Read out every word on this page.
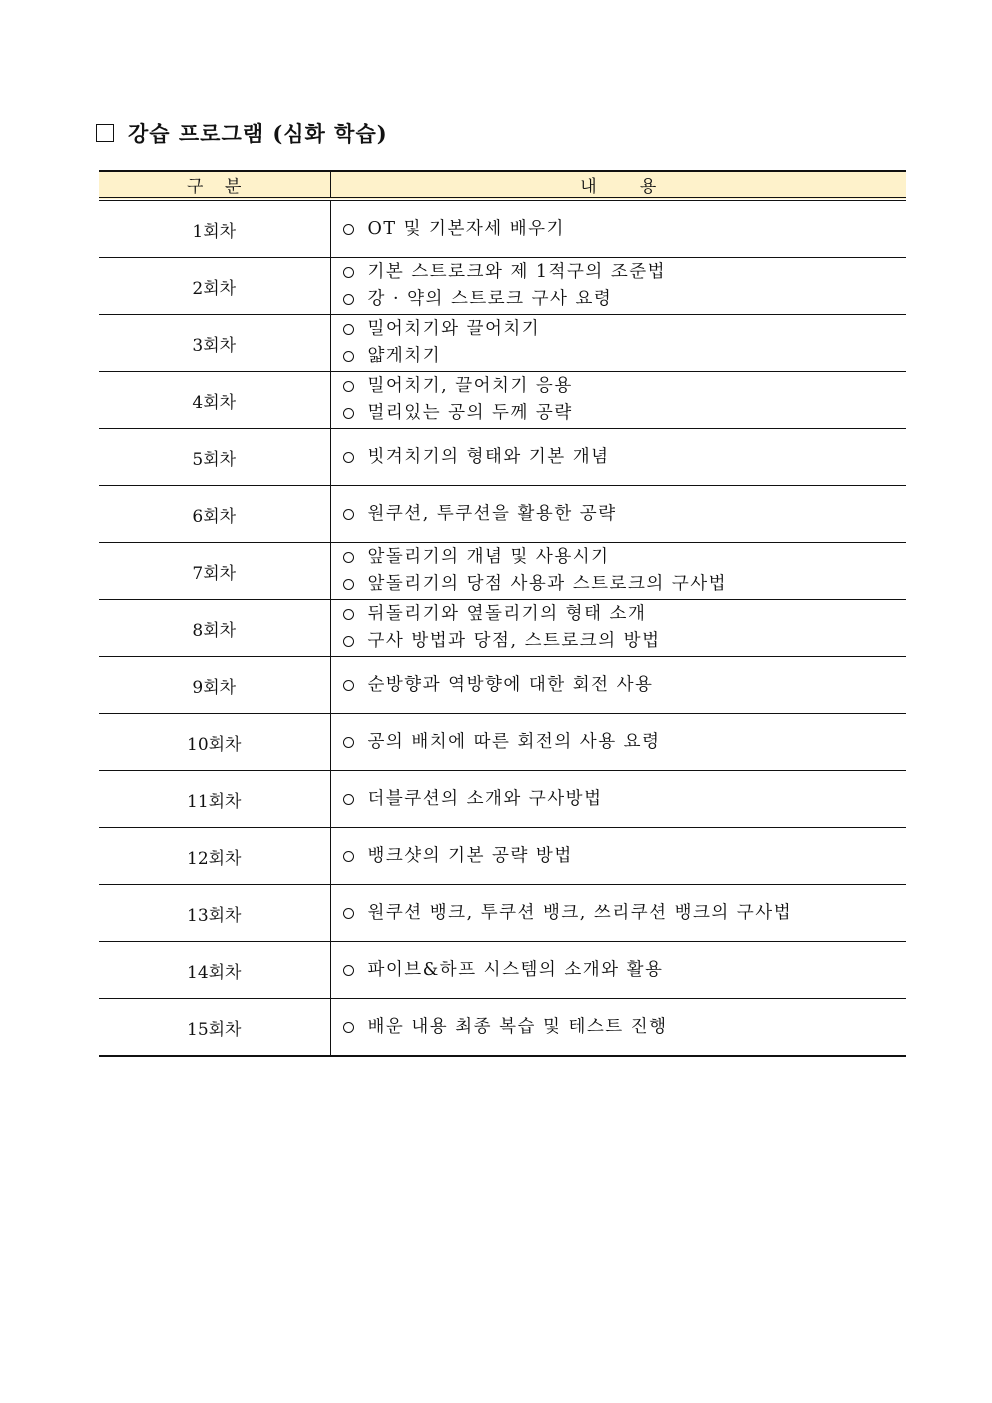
강습 프로그램 (심화 학습)
구    분	내        용
1회차	OT 및 기본자세 배우기

2회차	기본 스트로크와 제 1적구의 조준법
강 · 약의 스트로크 구사 요령

3회차	밀어치기와 끌어치기
얇게치기

4회차	밀어치기, 끌어치기 응용
멀리있는 공의 두께 공략

5회차	빗겨치기의 형태와 기본 개념

6회차	원쿠션, 투쿠션을 활용한 공략

7회차	앞돌리기의 개념 및 사용시기
앞돌리기의 당점 사용과 스트로크의 구사법

8회차	뒤돌리기와 옆돌리기의 형태 소개
구사 방법과 당점, 스트로크의 방법

9회차	순방향과 역방향에 대한 회전 사용

10회차	공의 배치에 따른 회전의 사용 요령

11회차	더블쿠션의 소개와 구사방법

12회차	뱅크샷의 기본 공략 방법

13회차	원쿠션 뱅크, 투쿠션 뱅크, 쓰리쿠션 뱅크의 구사법

14회차	파이브&하프 시스템의 소개와 활용

15회차	배운 내용 최종 복습 및 테스트 진행
